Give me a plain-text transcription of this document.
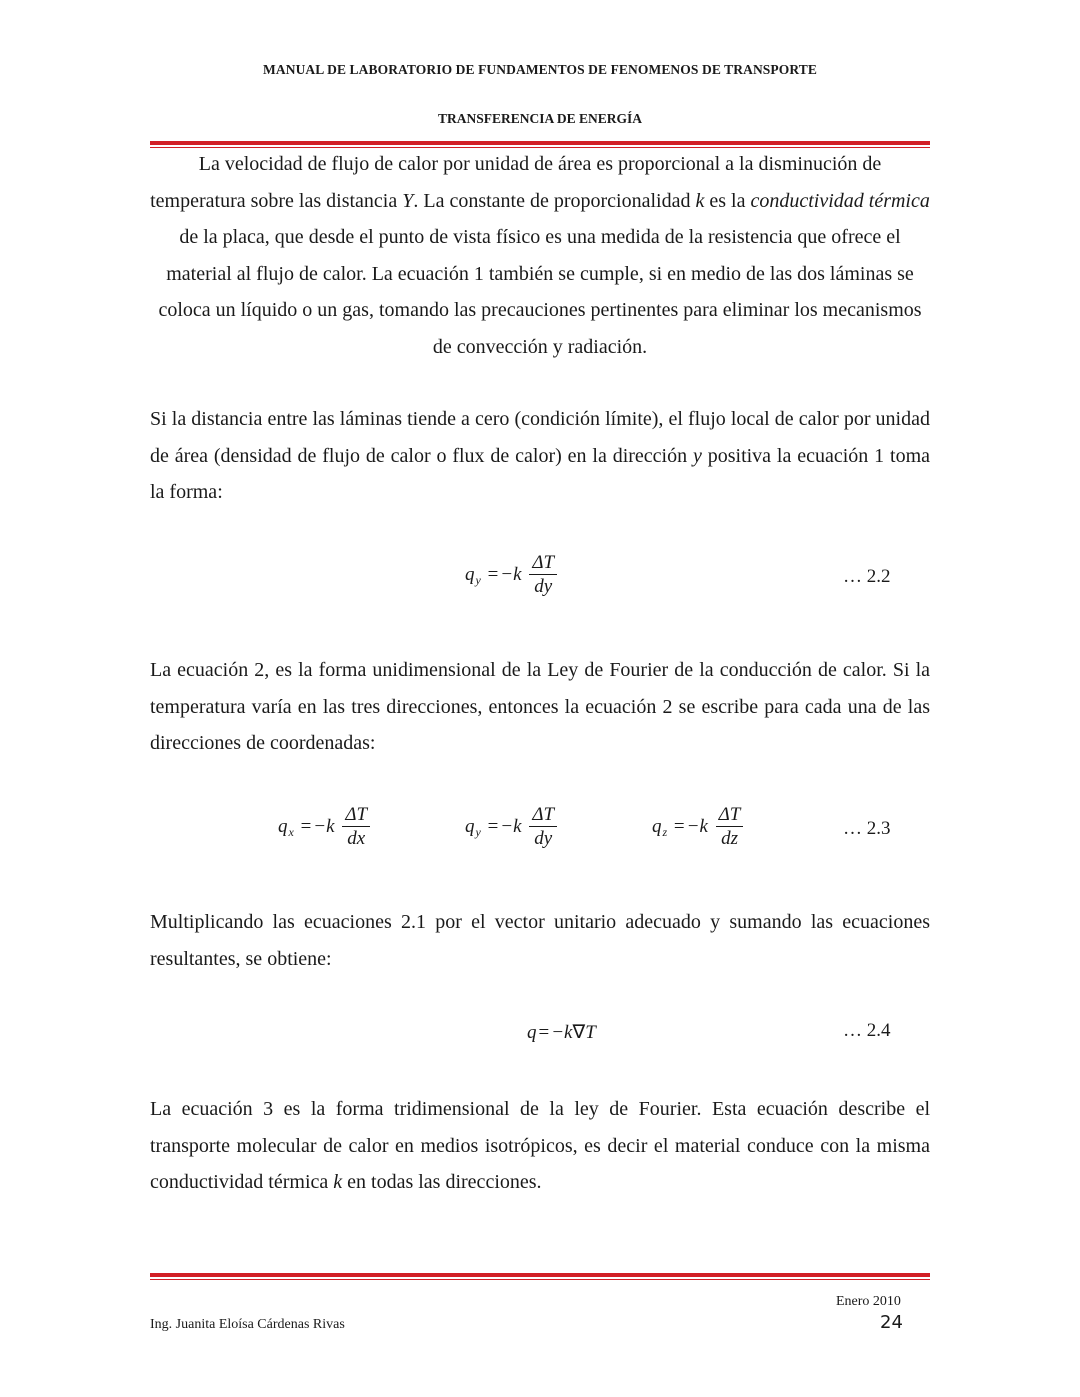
MANUAL DE LABORATORIO DE FUNDAMENTOS DE FENOMENOS DE TRANSPORTE
TRANSFERENCIA DE ENERGÍA

La velocidad de flujo de calor por unidad de área es proporcional a la disminución de temperatura sobre las distancia Y. La constante de proporcionalidad k es la conductividad térmica de la placa, que desde el punto de vista físico es una medida de la resistencia que ofrece el material al flujo de calor. La ecuación 1 también se cumple, si en medio de las dos láminas se coloca un líquido o un gas, tomando las precauciones pertinentes para eliminar los mecanismos de convección y radiación.

Si la distancia entre las láminas tiende a cero (condición límite), el flujo local de calor por unidad de área (densidad de flujo de calor o flux de calor) en la dirección y positiva la ecuación 1 toma la forma:

$q_y = -k \frac{\Delta T}{dy}$	… 2.2

La ecuación 2, es la forma unidimensional de la Ley de Fourier de la conducción de calor. Si la temperatura varía en las tres direcciones, entonces la ecuación 2 se escribe para cada una de las direcciones de coordenadas:

$q_x = -k \frac{\Delta T}{dx}$	$q_y = -k \frac{\Delta T}{dy}$	$q_z = -k \frac{\Delta T}{dz}$	… 2.3

Multiplicando las ecuaciones 2.1 por el vector unitario adecuado y sumando las ecuaciones resultantes, se obtiene:

q = −k∇T	… 2.4

La ecuación 3 es la forma tridimensional de la ley de Fourier. Esta ecuación describe el transporte molecular de calor en medios isotrópicos, es decir el material conduce con la misma conductividad térmica k en todas las direcciones.

Enero 2010
Ing. Juanita Eloísa Cárdenas Rivas	24
